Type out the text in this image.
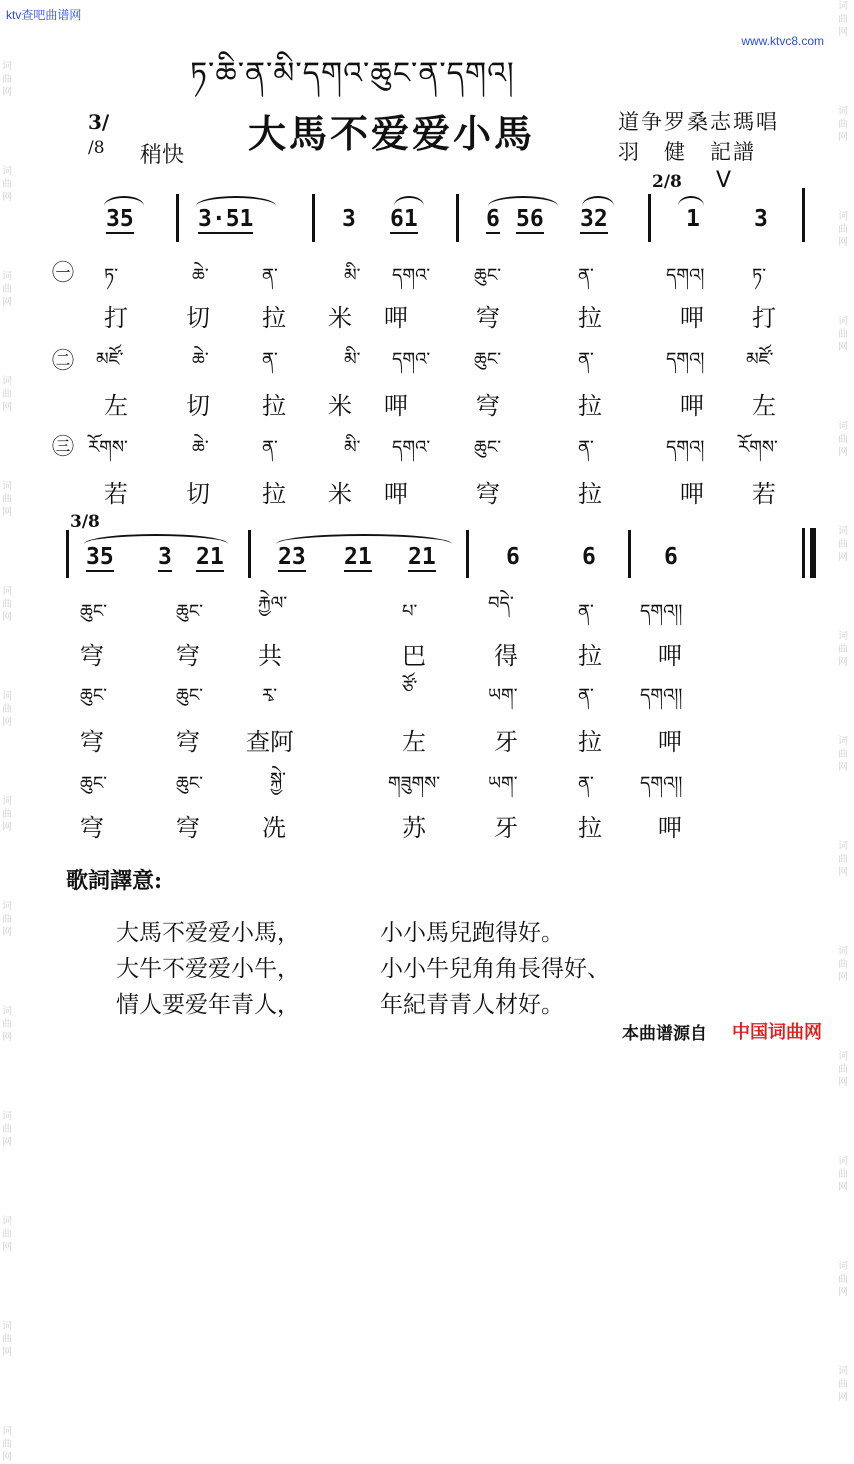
ktv查吧曲谱网
www.ktvc8.com
词曲网
词曲网
词曲网
词曲网
词曲网
词曲网
词曲网
词曲网
词曲网
词曲网
词曲网
词曲网
词曲网
词曲网
词曲网
词曲网
词曲网
词曲网
词曲网
词曲网
词曲网
词曲网
词曲网
词曲网
词曲网
词曲网
词曲网
词曲网
ཏ་ཆི་ན་མི་དགའ་ཆུང་ན་དགའ།
3/
/8 稍快 大馬不爱爱小馬	道争罗桑志瑪唱
羽　健　記譜
2/8 V
35	3·51	3 61	6 56 32	1 3
㊀ ཏ་	ཆེ་	ན་	མི་ དགའ་ ཆུང་	ན་	དགའ།	ཏ་
打 切 拉 米 呷	穹	拉	呷 打
㊁ མཛོ་	ཆེ་	ན་	མི་ དགའ་ ཆུང་	ན་	དགའ། མཛོ་
左 切 拉 米 呷	穹	拉	呷 左
㊂ རོགས་	ཆེ་	ན་	མི་ དགའ་ ཆུང་	ན་	དགའ། རོགས་
若 切 拉 米 呷	穹	拉	呷 若
3/8
35 3 21 23 21 21	6	6	6
ཆུང་	ཆུང་	རྐྱེལ་	པ་	བདེ་	ན་	དགའ།།
穹	穹 共	巴	得	拉 呷
ཆུང་	ཆུང་	རྭ་	ཙོ་	ཡག་	ན་	དགའ།།
穹	穹 查阿	左	牙	拉 呷
ཆུང་	ཆུང་	སྐྱེ་	གཟུགས་	ཡག་	ན་	དགའ།།
穹	穹	冼	苏	牙	拉 呷
歌詞譯意:
大馬不爱爱小馬，	小小馬兒跑得好。
大牛不爱爱小牛，	小小牛兒角角長得好、
情人要爱年青人，	年紀青青人材好。
本曲谱源自 中国词曲网
